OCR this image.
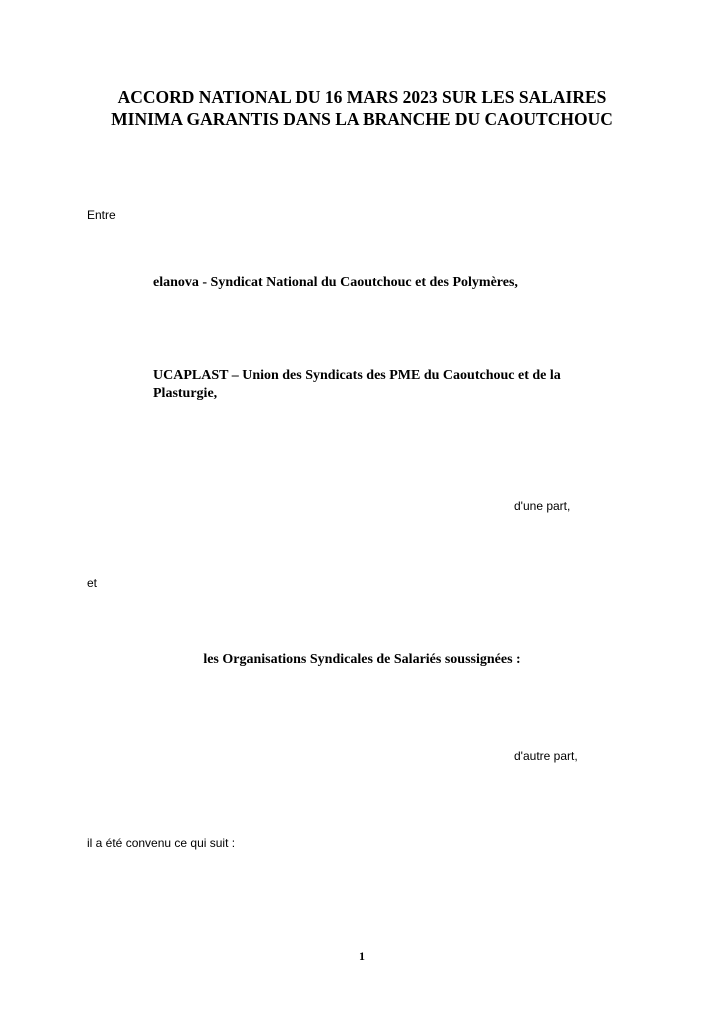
ACCORD NATIONAL DU 16 MARS 2023 SUR LES SALAIRES
MINIMA GARANTIS DANS LA BRANCHE DU CAOUTCHOUC
Entre
elanova - Syndicat National du Caoutchouc et des Polymères,
UCAPLAST – Union des Syndicats des PME du Caoutchouc et de la
Plasturgie,
d'une part,
et
les Organisations Syndicales de Salariés soussignées :
d'autre part,
il a été convenu ce qui suit :
1
